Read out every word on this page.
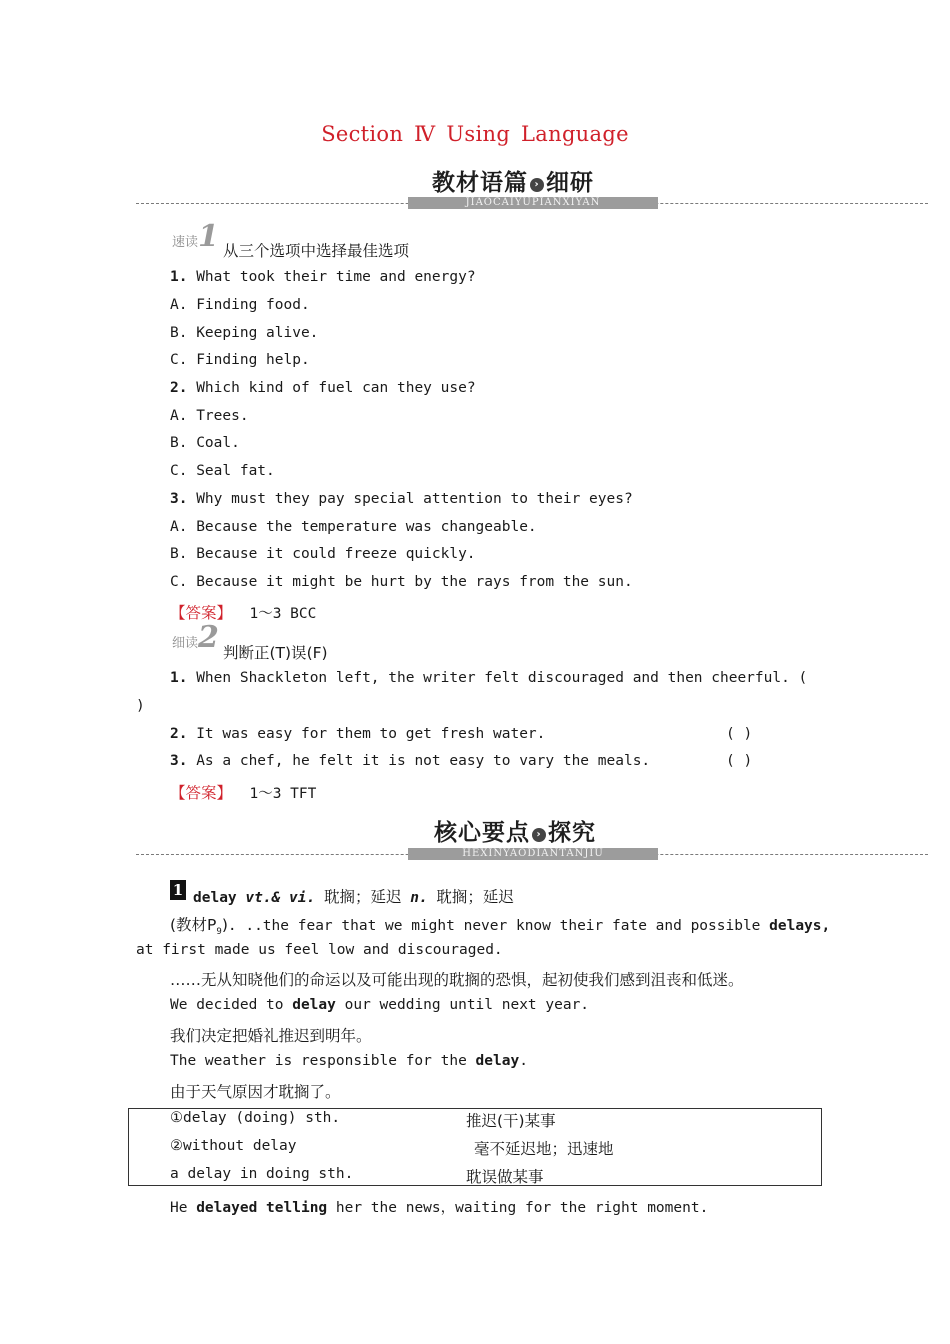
Section Ⅳ Using Language
教材语篇 › 细研
JIAOCAIYUPIANXIYAN
速读 1 从三个选项中选择最佳选项
1. What took their time and energy?
A. Finding food.
B. Keeping alive.
C. Finding help.
2. Which kind of fuel can they use?
A. Trees.
B. Coal.
C. Seal fat.
3. Why must they pay special attention to their eyes?
A. Because the temperature was changeable.
B. Because it could freeze quickly.
C. Because it might be hurt by the rays from the sun.
【答案】 1～3 BCC
细读 2 判断正(T)误(F)
1. When Shackleton left, the writer felt discouraged and then cheerful. (
)
2. It was easy for them to get fresh water.	( )
3. As a chef, he felt it is not easy to vary the meals.	( )
【答案】 1～3 TFT
核心要点 › 探究
HEXINYAODIANTANJIU
1 delay vt.& vi. 耽搁；延迟 n. 耽搁；延迟
(教材$P_9$). ..the fear that we might never know their fate and possible delays,
at first made us feel low and discouraged.
……无从知晓他们的命运以及可能出现的耽搁的恐惧，起初使我们感到沮丧和低迷。
We decided to delay our wedding until next year.
我们决定把婚礼推迟到明年。
The weather is responsible for the delay.
由于天气原因才耽搁了。
①delay (doing) sth.	推迟(干)某事
②without delay	毫不延迟地；迅速地
a delay in doing sth.	耽误做某事
He delayed telling her the news，waiting for the right moment.
